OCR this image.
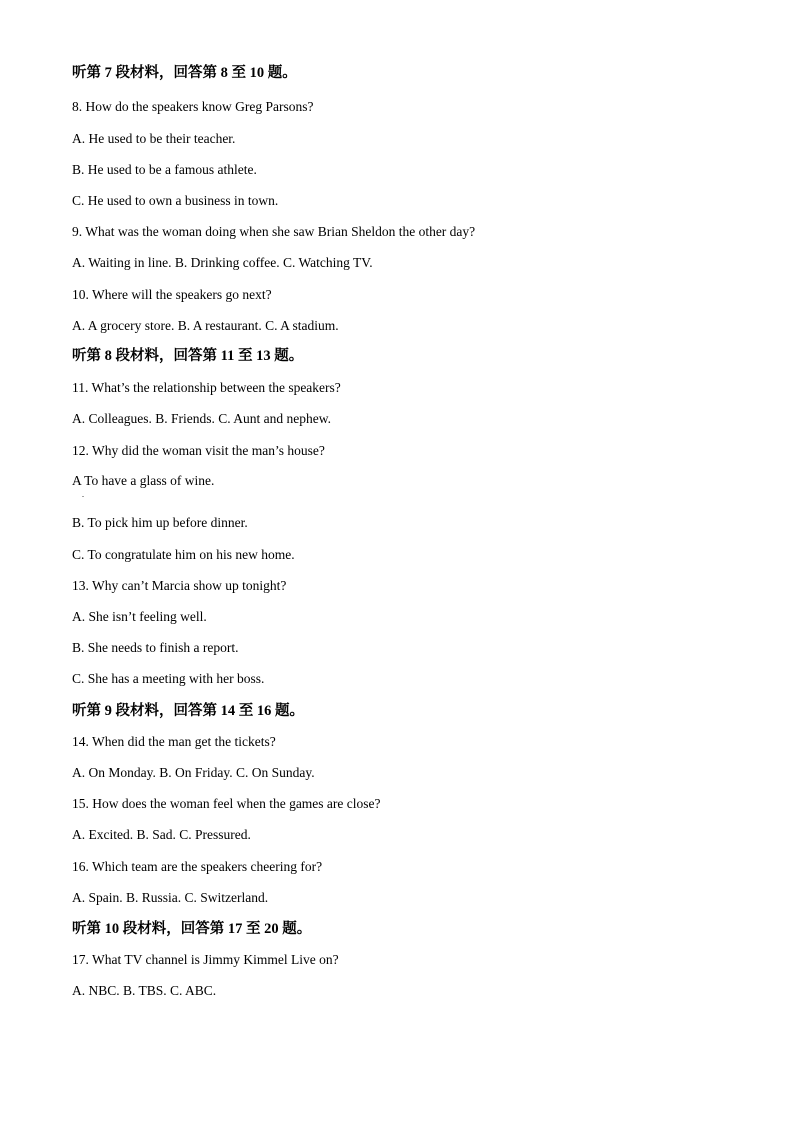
听第 7 段材料，回答第 8 至 10 题。
8. How do the speakers know Greg Parsons?
A. He used to be their teacher.
B. He used to be a famous athlete.
C. He used to own a business in town.
9. What was the woman doing when she saw Brian Sheldon the other day?
A. Waiting in line. B. Drinking coffee. C. Watching TV.
10. Where will the speakers go next?
A. A grocery store. B. A restaurant. C. A stadium.
听第 8 段材料，回答第 11 至 13 题。
11. What’s the relationship between the speakers?
A. Colleagues. B. Friends. C. Aunt and nephew.
12. Why did the woman visit the man’s house?
A To have a glass of wine.
.
B. To pick him up before dinner.
C. To congratulate him on his new home.
13. Why can’t Marcia show up tonight?
A. She isn’t feeling well.
B. She needs to finish a report.
C. She has a meeting with her boss.
听第 9 段材料，回答第 14 至 16 题。
14. When did the man get the tickets?
A. On Monday. B. On Friday. C. On Sunday.
15. How does the woman feel when the games are close?
A. Excited. B. Sad. C. Pressured.
16. Which team are the speakers cheering for?
A. Spain. B. Russia. C. Switzerland.
听第 10 段材料，回答第 17 至 20 题。
17. What TV channel is Jimmy Kimmel Live on?
A. NBC. B. TBS. C. ABC.
